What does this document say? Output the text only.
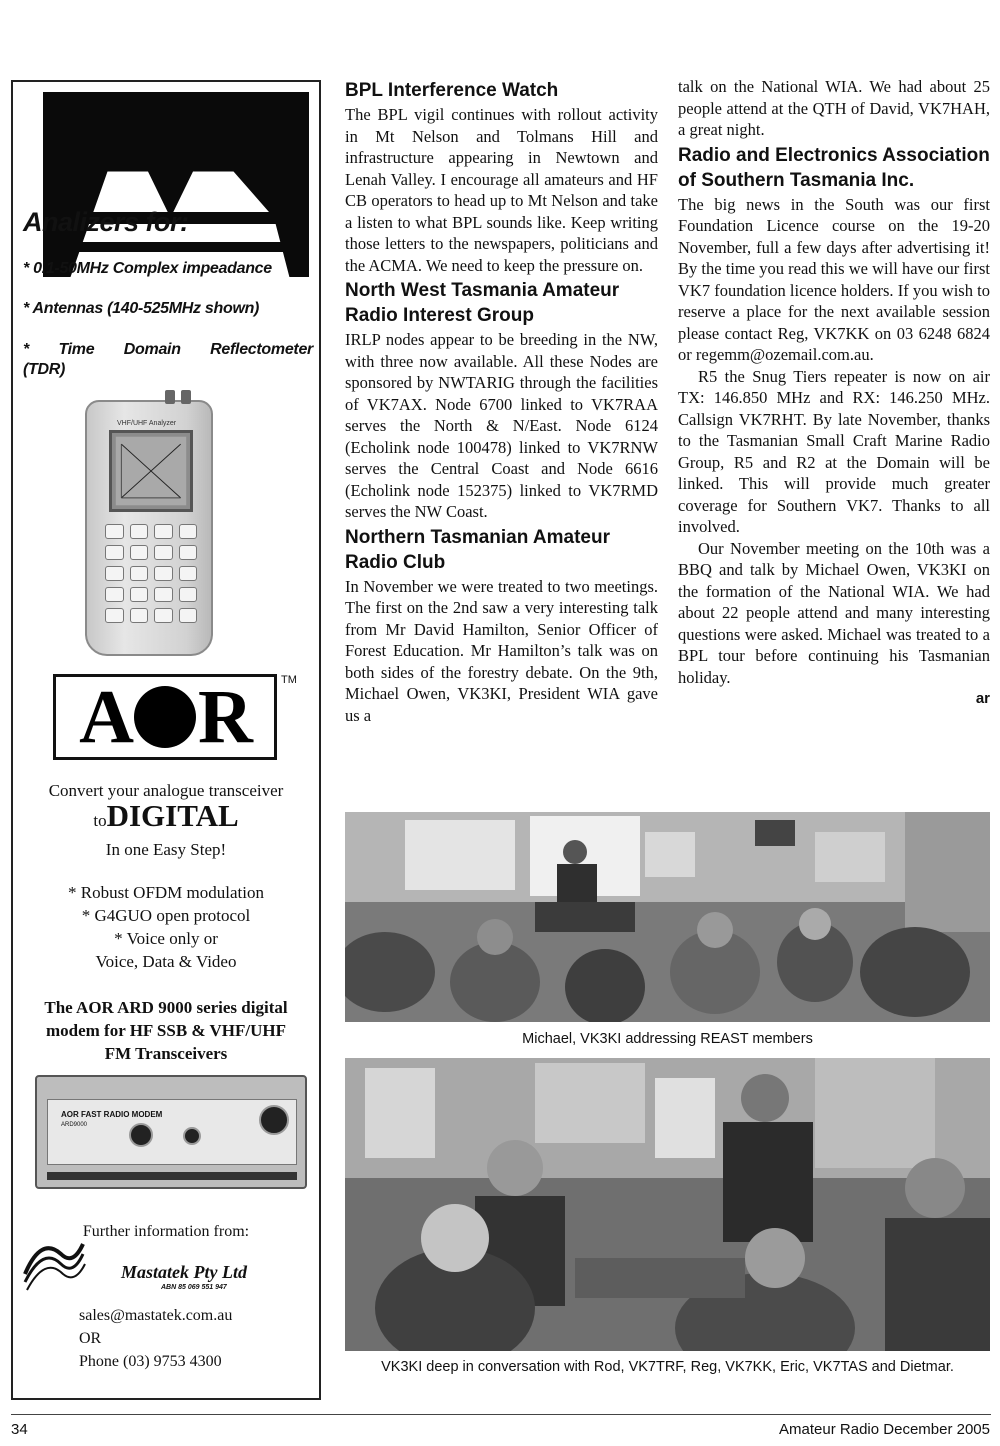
Analizers for:
* 0.1-50MHz Complex impeadance
* Antennas (140-525MHz shown)
* Time Domain Reflectometer
(TDR)
VHF/UHF Analyzer
A R	TM
Convert your analogue transceiver
toDIGITAL
In one Easy Step!
* Robust OFDM modulation
* G4GUO open protocol
* Voice only or
Voice, Data & Video
The AOR ARD 9000 series digital
modem for HF SSB & VHF/UHF
FM Transceivers
AOR FAST RADIO MODEM
ARD9000
Further information from:
Mastatek Pty Ltd
ABN 85 069 551 947
sales@mastatek.com.au
OR
Phone (03) 9753 4300
BPL Interference Watch

The BPL vigil continues with rollout activity in Mt Nelson and Tolmans Hill and infrastructure appearing in Newtown and Lenah Valley. I encourage all amateurs and HF CB operators to head up to Mt Nelson and take a listen to what BPL sounds like. Keep writing those letters to the newspapers, politicians and the ACMA. We need to keep the pressure on.

North West Tasmania Amateur Radio Interest Group

IRLP nodes appear to be breeding in the NW, with three now available. All these Nodes are sponsored by NWTARIG through the facilities of VK7AX. Node 6700 linked to VK7RAA serves the North & N/East. Node 6124 (Echolink node 100478) linked to VK7RNW serves the Central Coast and Node 6616 (Echolink node 152375) linked to VK7RMD serves the NW Coast.

Northern Tasmanian Amateur Radio Club

In November we were treated to two meetings. The first on the 2nd saw a very interesting talk from Mr David Hamilton, Senior Officer of Forest Education. Mr Hamilton’s talk was on both sides of the forestry debate. On the 9th, Michael Owen, VK3KI, President WIA gave us a

talk on the National WIA. We had about 25 people attend at the QTH of David, VK7HAH, a great night.

Radio and Electronics Association of Southern Tasmania Inc.

The big news in the South was our first Foundation Licence course on the 19-20 November, full a few days after advertising it! By the time you read this we will have our first VK7 foundation licence holders. If you wish to reserve a place for the next available session please contact Reg, VK7KK on 03 6248 6824 or regemm@ozemail.com.au.

R5 the Snug Tiers repeater is now on air TX: 146.850 MHz and RX: 146.250 MHz. Callsign VK7RHT. By late November, thanks to the Tasmanian Small Craft Marine Radio Group, R5 and R2 at the Domain will be linked. This will provide much greater coverage for Southern VK7. Thanks to all involved.

Our November meeting on the 10th was a BBQ and talk by Michael Owen, VK3KI on the formation of the National WIA. We had about 22 people attend and many interesting questions were asked. Michael was treated to a BPL tour before continuing his Tasmanian holiday.

ar
Michael, VK3KI addressing REAST members
VK3KI deep in conversation with Rod, VK7TRF, Reg, VK7KK, Eric, VK7TAS and Dietmar.
34	Amateur Radio December 2005
